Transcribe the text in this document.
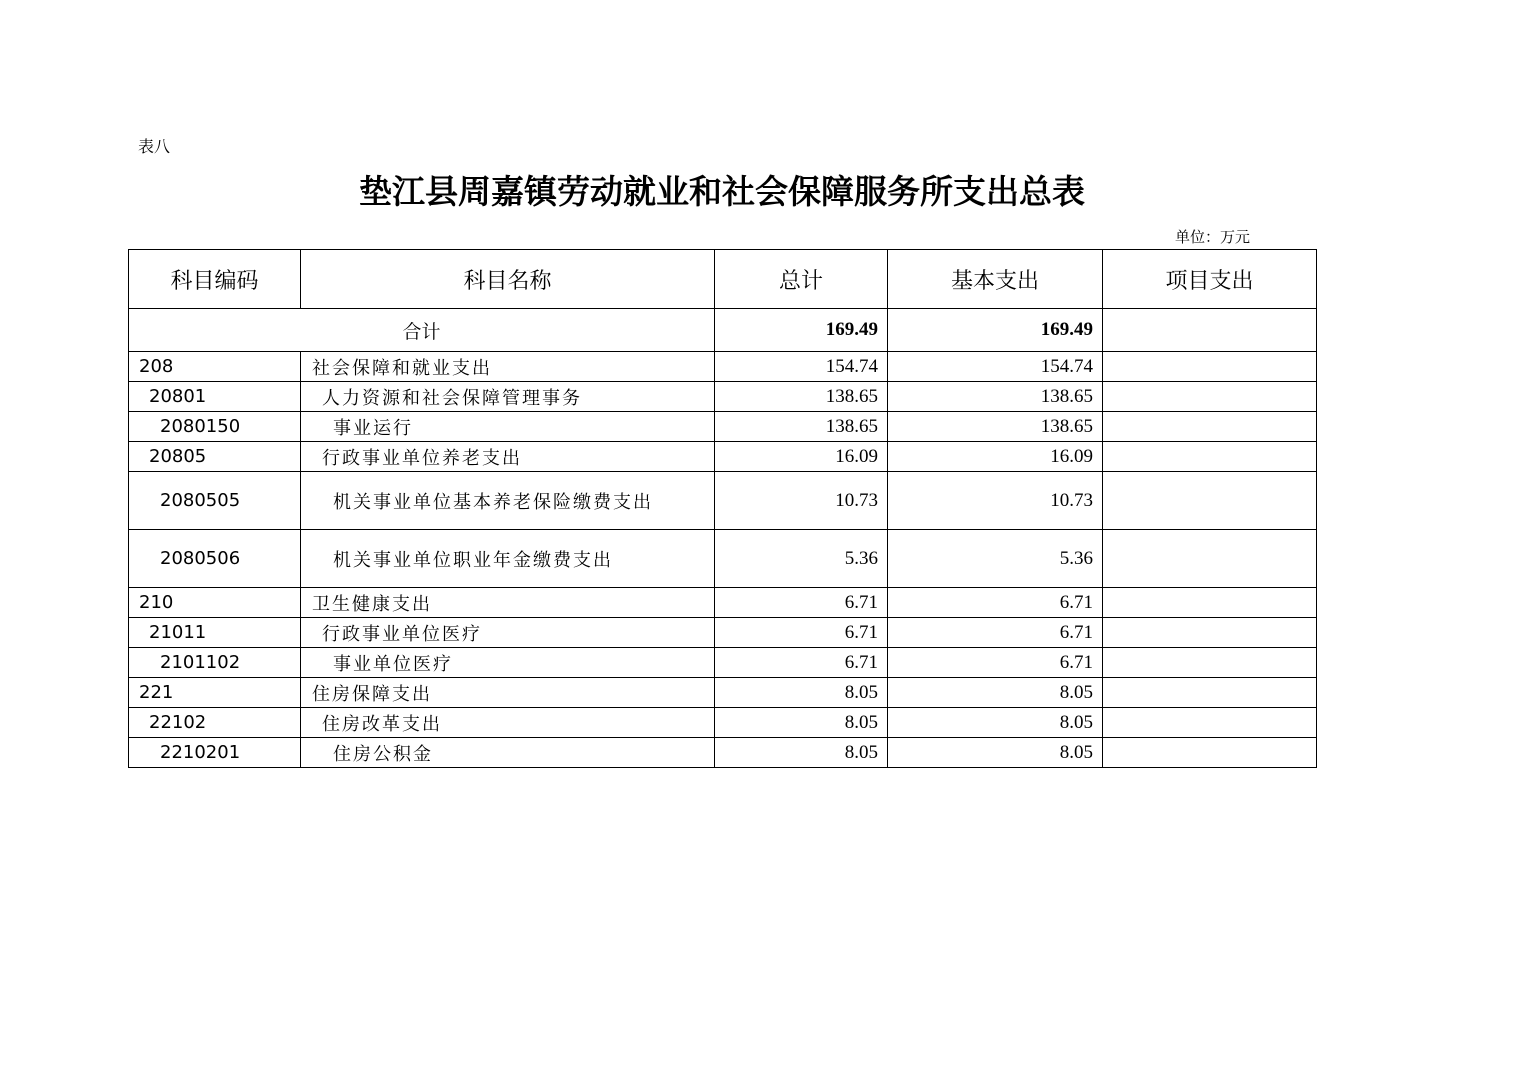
表八
垫江县周嘉镇劳动就业和社会保障服务所支出总表
单位：万元
科目编码	科目名称	总计	基本支出	项目支出
合计		169.49	169.49	
208	社会保障和就业支出	154.74	154.74	
20801	人力资源和社会保障管理事务	138.65	138.65	
2080150	事业运行	138.65	138.65	
20805	行政事业单位养老支出	16.09	16.09	
2080505	机关事业单位基本养老保险缴费支出	10.73	10.73	
2080506	机关事业单位职业年金缴费支出	5.36	5.36	
210	卫生健康支出	6.71	6.71	
21011	行政事业单位医疗	6.71	6.71	
2101102	事业单位医疗	6.71	6.71	
221	住房保障支出	8.05	8.05	
22102	住房改革支出	8.05	8.05	
2210201	住房公积金	8.05	8.05	
